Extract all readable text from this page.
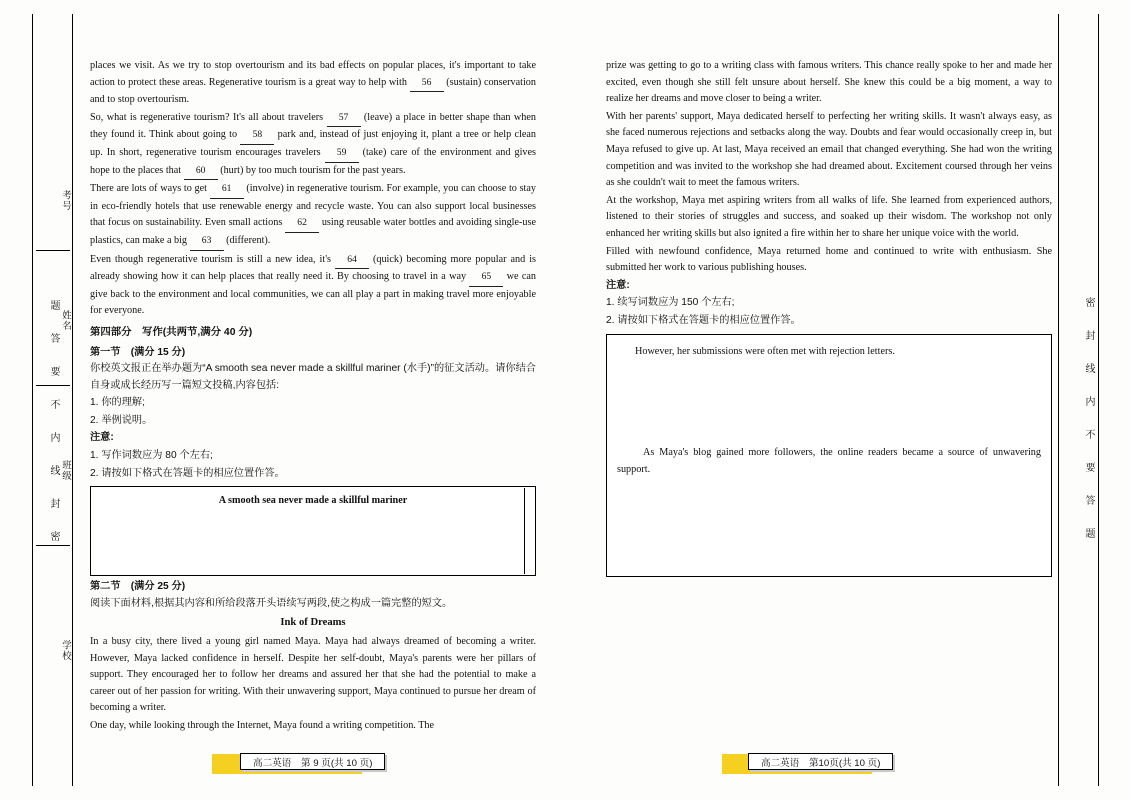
考号
姓名
班级
学校
题 答 要 不 内 线 封 密	密 封 线 内 不 要 答 题

places we visit. As we try to stop overtourism and its bad effects on popular places, it's important to take action to protect these areas. Regenerative tourism is a great way to help with 56 (sustain) conservation and to stop overtourism.

So, what is regenerative tourism? It's all about travelers 57 (leave) a place in better shape than when they found it. Think about going to 58 park and, instead of just enjoying it, plant a tree or help clean up. In short, regenerative tourism encourages travelers 59 (take) care of the environment and gives hope to the places that 60 (hurt) by too much tourism for the past years.

There are lots of ways to get 61 (involve) in regenerative tourism. For example, you can choose to stay in eco-friendly hotels that use renewable energy and recycle waste. You can also support local businesses that focus on sustainability. Even small actions 62 using reusable water bottles and avoiding single-use plastics, can make a big 63 (different).

Even though regenerative tourism is still a new idea, it's 64 (quick) becoming more popular and is already showing how it can help places that really need it. By choosing to travel in a way 65 we can give back to the environment and local communities, we can all play a part in making travel more enjoyable for everyone.

第四部分　写作(共两节,满分 40 分)
第一节　(满分 15 分)

你校英文报正在举办题为“A smooth sea never made a skillful mariner (水手)”的征文活动。请你结合自身或成长经历写一篇短文投稿,内容包括:

1. 你的理解;

2. 举例说明。

注意:

1. 写作词数应为 80 个左右;

2. 请按如下格式在答题卡的相应位置作答。

A smooth sea never made a skillful mariner
第二节　(满分 25 分)

阅读下面材料,根据其内容和所给段落开头语续写两段,使之构成一篇完整的短文。

Ink of Dreams

In a busy city, there lived a young girl named Maya. Maya had always dreamed of becoming a writer. However, Maya lacked confidence in herself. Despite her self-doubt, Maya's parents were her pillars of support. They encouraged her to follow her dreams and assured her that she had the potential to make a career out of her passion for writing. With their unwavering support, Maya continued to pursue her dream of becoming a writer.

One day, while looking through the Internet, Maya found a writing competition. The

prize was getting to go to a writing class with famous writers. This chance really spoke to her and made her excited, even though she still felt unsure about herself. She knew this could be a big moment, a way to realize her dreams and move closer to being a writer.

With her parents' support, Maya dedicated herself to perfecting her writing skills. It wasn't always easy, as she faced numerous rejections and setbacks along the way. Doubts and fear would occasionally creep in, but Maya refused to give up. At last, Maya received an email that changed everything. She had won the writing competition and was invited to the workshop she had dreamed about. Excitement coursed through her veins as she couldn't wait to meet the famous writers.

At the workshop, Maya met aspiring writers from all walks of life. She learned from experienced authors, listened to their stories of struggles and success, and soaked up their wisdom. The workshop not only enhanced her writing skills but also ignited a fire within her to share her unique voice with the world.

Filled with newfound confidence, Maya returned home and continued to write with enthusiasm. She submitted her work to various publishing houses.

注意:

1. 续写词数应为 150 个左右;

2. 请按如下格式在答题卡的相应位置作答。

However, her submissions were often met with rejection letters.
As Maya's blog gained more followers, the online readers became a source of unwavering support.
高二英语　第 9 页(共 10 页)	高二英语　第10页(共 10 页)
